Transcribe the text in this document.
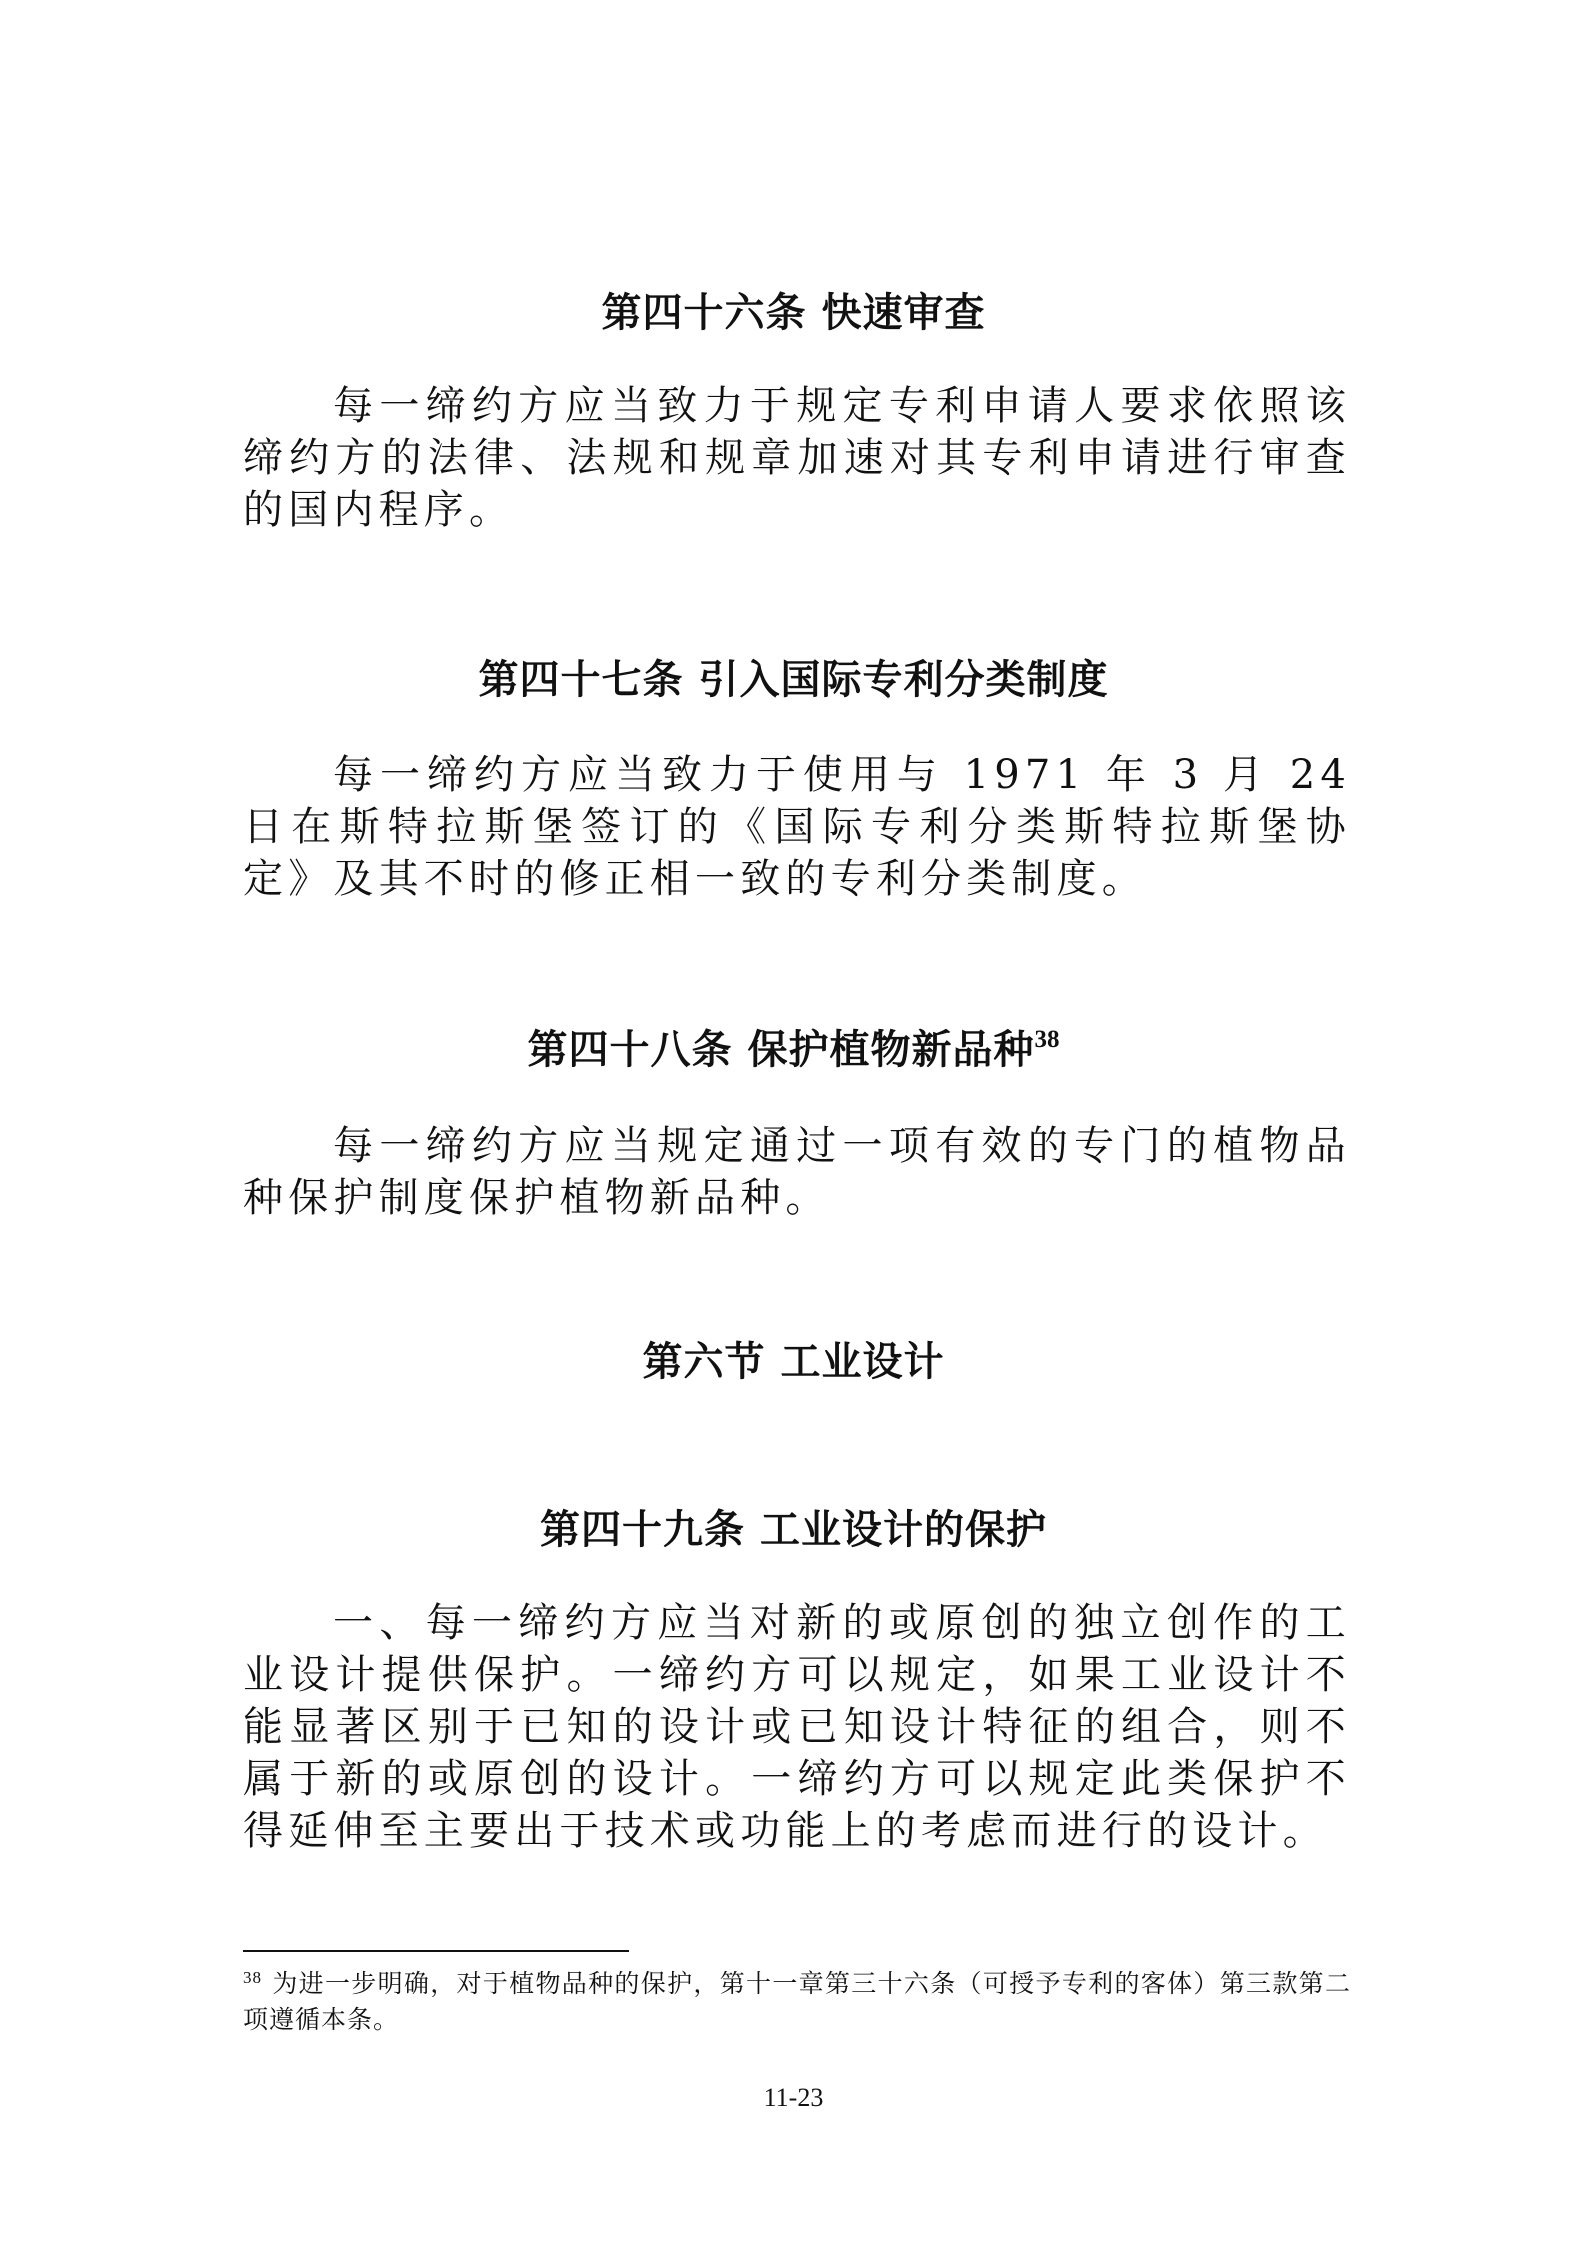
第四十六条 快速审查

每一缔约方应当致力于规定专利申请人要求依照该缔约方的法律、法规和规章加速对其专利申请进行审查的国内程序。

第四十七条 引入国际专利分类制度

每一缔约方应当致力于使用与 1971 年 3 月 24 日在斯特拉斯堡签订的《国际专利分类斯特拉斯堡协定》及其不时的修正相一致的专利分类制度。

第四十八条 保护植物新品种$^{38}$

每一缔约方应当规定通过一项有效的专门的植物品种保护制度保护植物新品种。

第六节 工业设计
第四十九条 工业设计的保护

一、每一缔约方应当对新的或原创的独立创作的工业设计提供保护。一缔约方可以规定，如果工业设计不能显著区别于已知的设计或已知设计特征的组合，则不属于新的或原创的设计。一缔约方可以规定此类保护不得延伸至主要出于技术或功能上的考虑而进行的设计。

$^{38}$ 为进一步明确，对于植物品种的保护，第十一章第三十六条（可授予专利的客体）第三款第二项遵循本条。

11-23
